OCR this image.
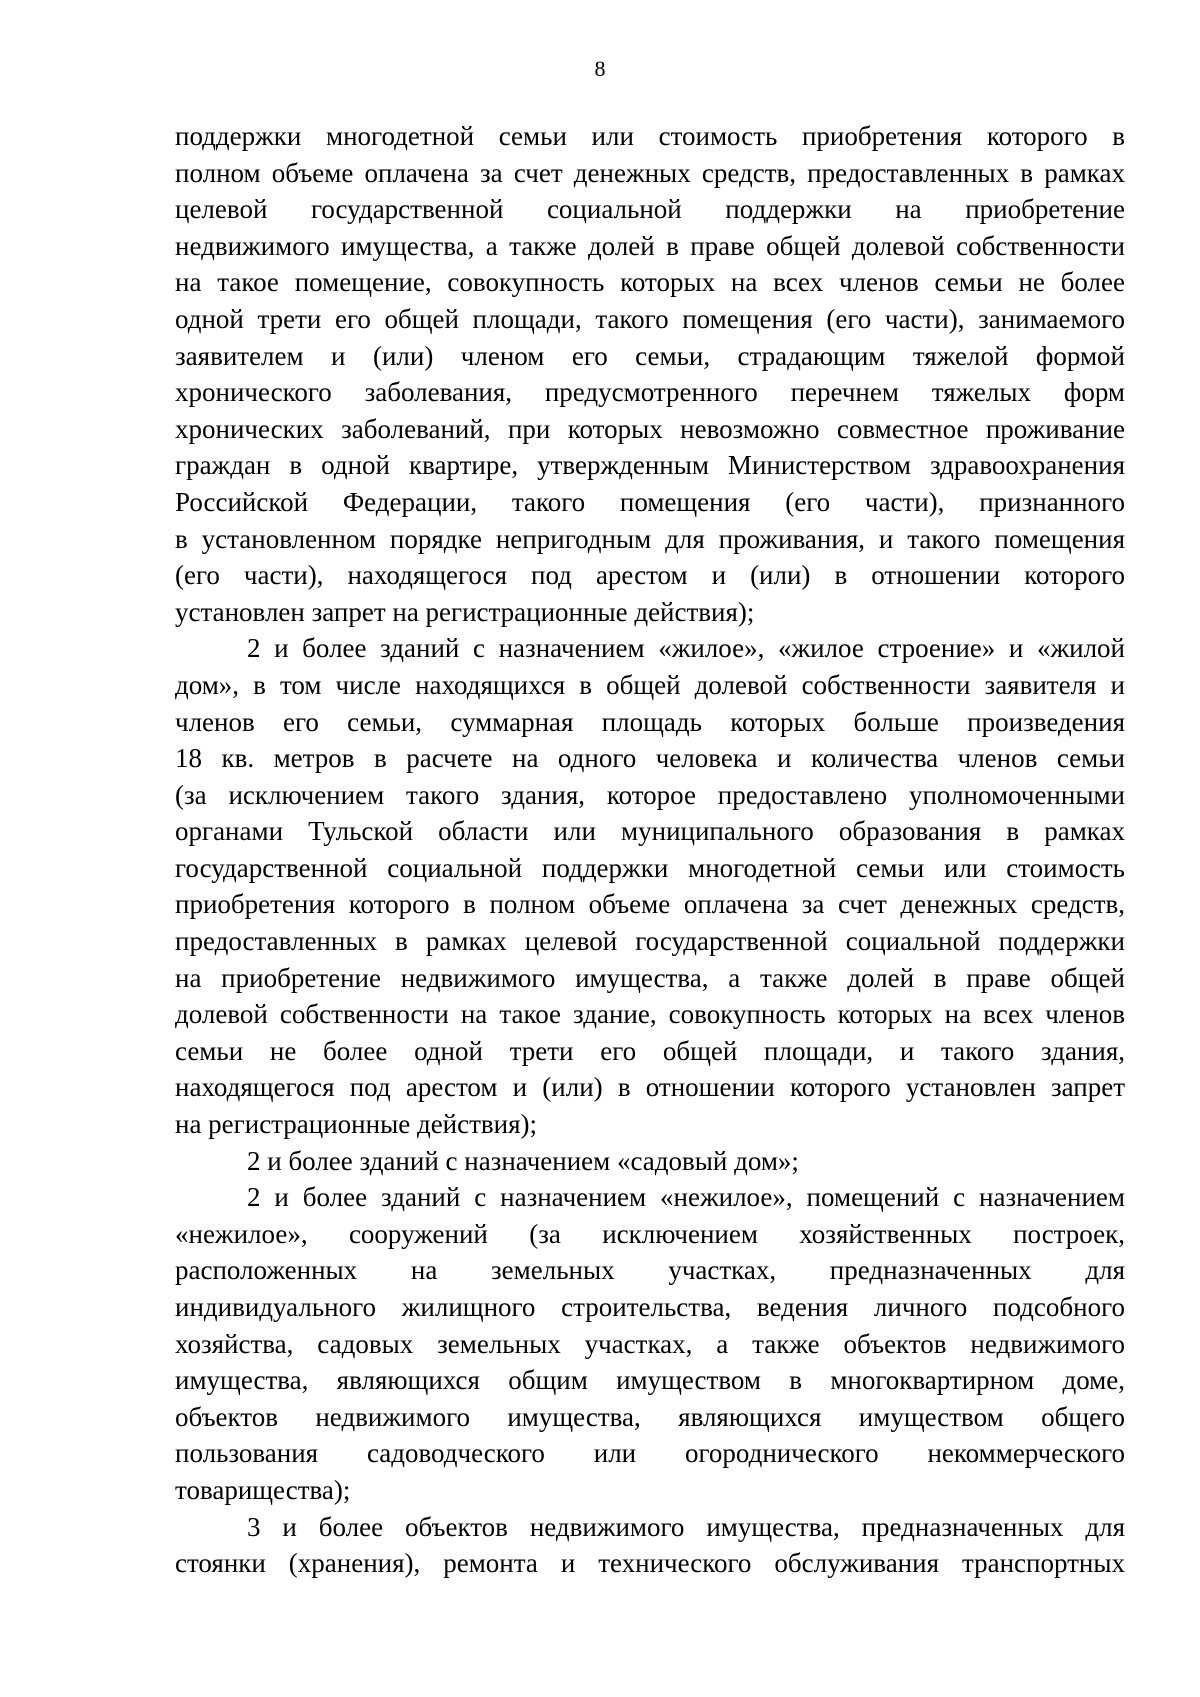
8
поддержки многодетной семьи или стоимость приобретения которого в
полном объеме оплачена за счет денежных средств, предоставленных в рамках
целевой государственной социальной поддержки на приобретение
недвижимого имущества, а также долей в праве общей долевой собственности
на такое помещение, совокупность которых на всех членов семьи не более
одной трети его общей площади, такого помещения (его части), занимаемого
заявителем и (или) членом его семьи, страдающим тяжелой формой
хронического заболевания, предусмотренного перечнем тяжелых форм
хронических заболеваний, при которых невозможно совместное проживание
граждан в одной квартире, утвержденным Министерством здравоохранения
Российской Федерации, такого помещения (его части), признанного
в установленном порядке непригодным для проживания, и такого помещения
(его части), находящегося под арестом и (или) в отношении которого
установлен запрет на регистрационные действия);
2 и более зданий с назначением «жилое», «жилое строение» и «жилой
дом», в том числе находящихся в общей долевой собственности заявителя и
членов его семьи, суммарная площадь которых больше произведения
18 кв. метров в расчете на одного человека и количества членов семьи
(за исключением такого здания, которое предоставлено уполномоченными
органами Тульской области или муниципального образования в рамках
государственной социальной поддержки многодетной семьи или стоимость
приобретения которого в полном объеме оплачена за счет денежных средств,
предоставленных в рамках целевой государственной социальной поддержки
на приобретение недвижимого имущества, а также долей в праве общей
долевой собственности на такое здание, совокупность которых на всех членов
семьи не более одной трети его общей площади, и такого здания,
находящегося под арестом и (или) в отношении которого установлен запрет
на регистрационные действия);
2 и более зданий с назначением «садовый дом»;
2 и более зданий с назначением «нежилое», помещений с назначением
«нежилое», сооружений (за исключением хозяйственных построек,
расположенных на земельных участках, предназначенных для
индивидуального жилищного строительства, ведения личного подсобного
хозяйства, садовых земельных участках, а также объектов недвижимого
имущества, являющихся общим имуществом в многоквартирном доме,
объектов недвижимого имущества, являющихся имуществом общего
пользования садоводческого или огороднического некоммерческого
товарищества);
3 и более объектов недвижимого имущества, предназначенных для
стоянки (хранения), ремонта и технического обслуживания транспортных
